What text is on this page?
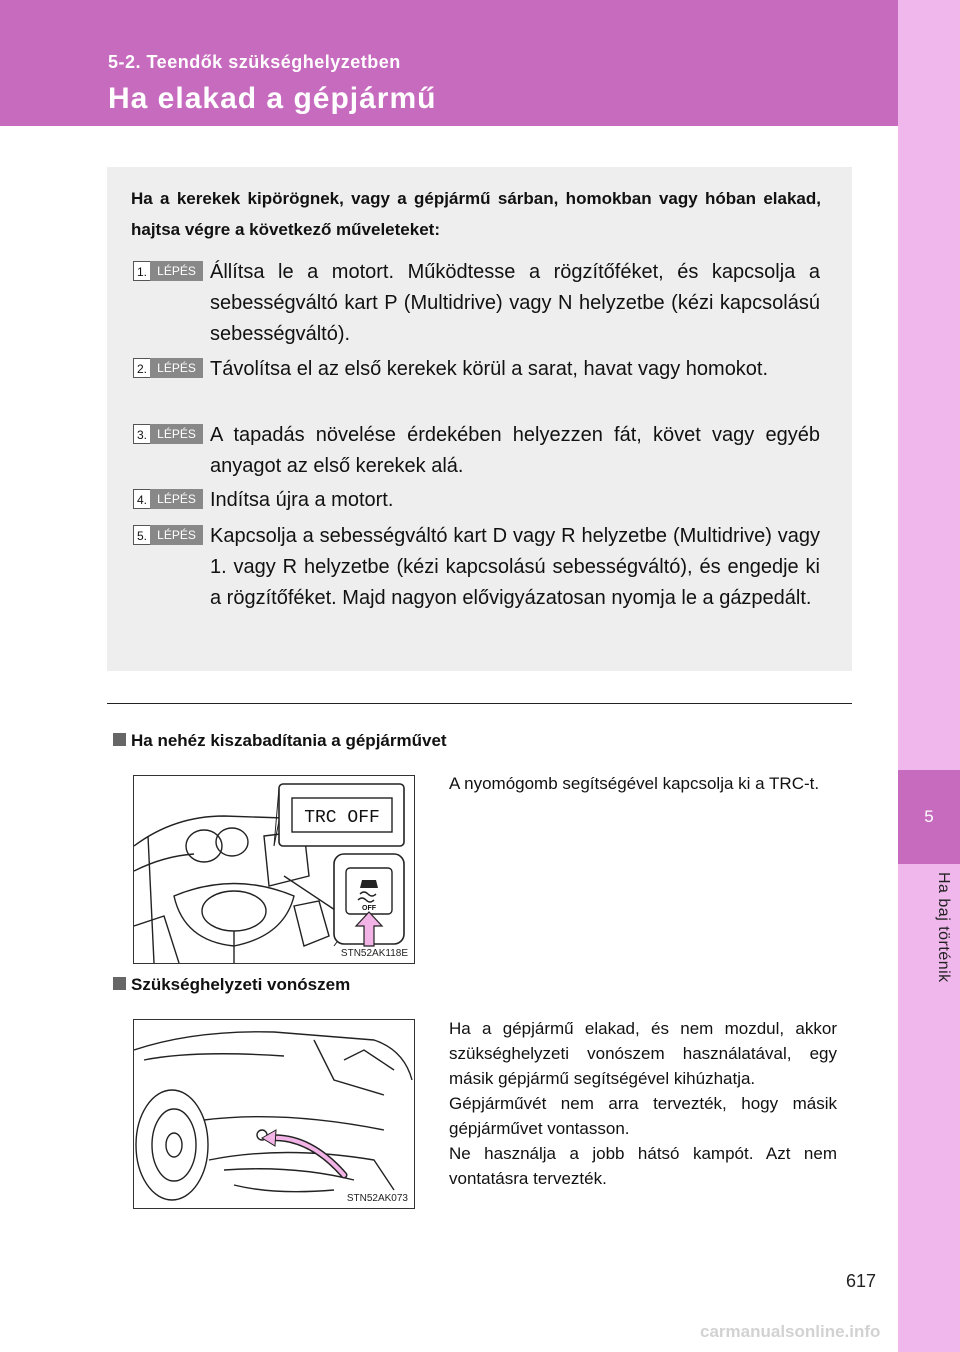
5-2. Teendők szükséghelyzetben
Ha elakad a gépjármű
5
Ha baj történik
Ha a kerekek kipörögnek, vagy a gépjármű sárban, homokban vagy hóban elakad, hajtsa végre a következő műveleteket:
1. LÉPÉS Állítsa le a motort. Működtesse a rögzítőféket, és kapcsolja a sebességváltó kart P (Multidrive) vagy N helyzetbe (kézi kapcsolású sebességváltó).
2. LÉPÉS Távolítsa el az első kerekek körül a sarat, havat vagy homokot.
3. LÉPÉS A tapadás növelése érdekében helyezzen fát, követ vagy egyéb anyagot az első kerekek alá.
4. LÉPÉS Indítsa újra a motort.
5. LÉPÉS Kapcsolja a sebességváltó kart D vagy R helyzetbe (Multidrive) vagy 1. vagy R helyzetbe (kézi kapcsolású sebességváltó), és engedje ki a rögzítőféket. Majd nagyon elővigyázatosan nyomja le a gázpedált.
Ha nehéz kiszabadítania a gépjárművet
TRC OFF
OFF
STN52AK118E
A nyomógomb segítségével kapcsolja ki a TRC-t.
Szükséghelyzeti vonószem
STN52AK073
Ha a gépjármű elakad, és nem mozdul, akkor szükséghelyzeti vonószem használatával, egy másik gépjármű segítségével kihúzhatja.
Gépjárművét nem arra tervezték, hogy másik gépjárművet vontasson.
Ne használja a jobb hátsó kampót. Azt nem vontatásra tervezték.
617
carmanualsonline.info
